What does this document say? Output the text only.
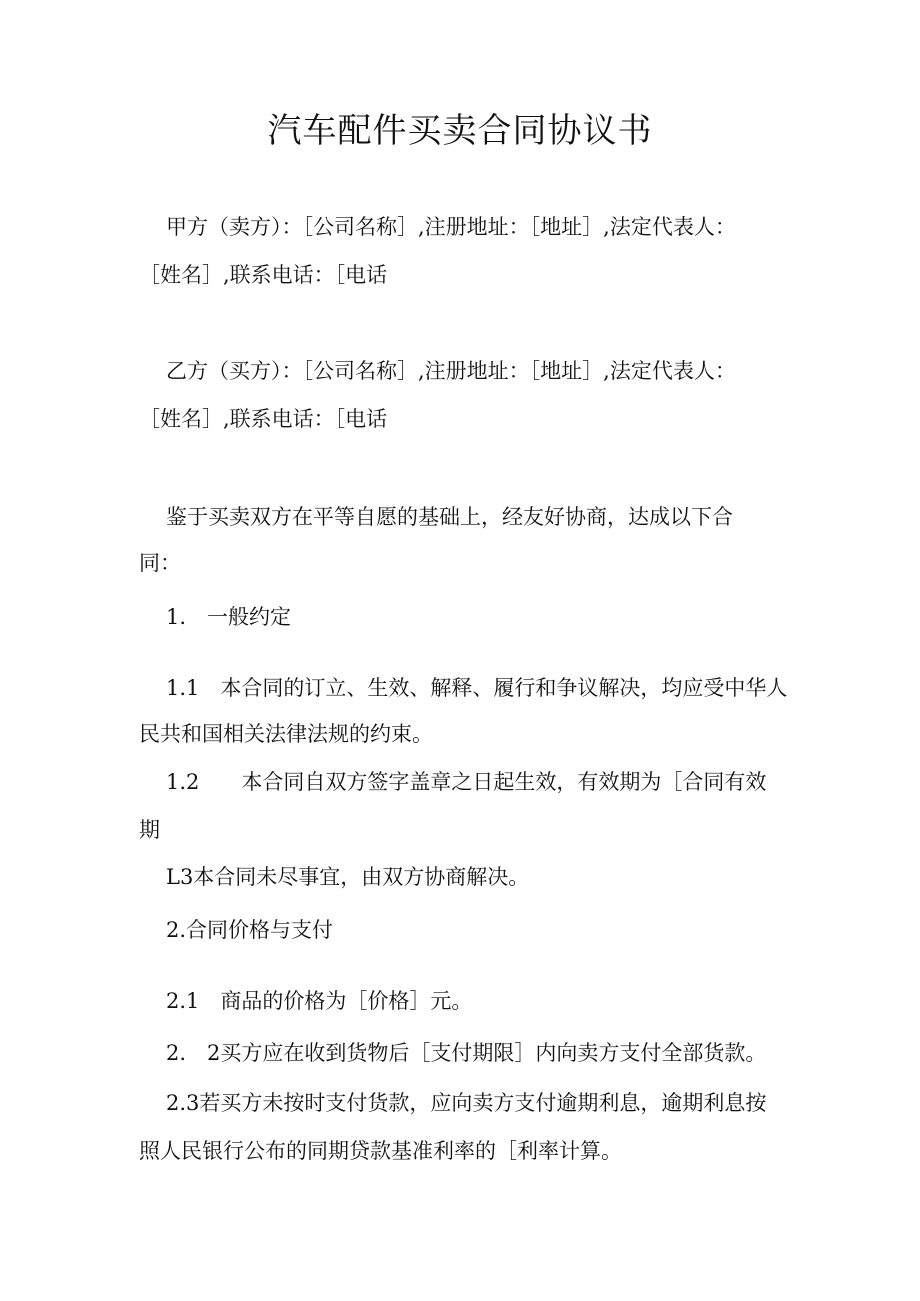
汽车配件买卖合同协议书

甲方（卖方）：［公司名称］,注册地址：［地址］,法定代表人：

［姓名］,联系电话：［电话

乙方（买方）：［公司名称］,注册地址：［地址］,法定代表人：

［姓名］,联系电话：［电话

鉴于买卖双方在平等自愿的基础上，经友好协商，达成以下合

同：

1.　一般约定

1.1　本合同的订立、生效、解释、履行和争议解决，均应受中华人

民共和国相关法律法规的约束。

1.2　　本合同自双方签字盖章之日起生效，有效期为［合同有效

期

L3本合同未尽事宜，由双方协商解决。

2.合同价格与支付

2.1　商品的价格为［价格］元。

2.　2买方应在收到货物后［支付期限］内向卖方支付全部货款。

2.3若买方未按时支付货款，应向卖方支付逾期利息，逾期利息按

照人民银行公布的同期贷款基准利率的［利率计算。
